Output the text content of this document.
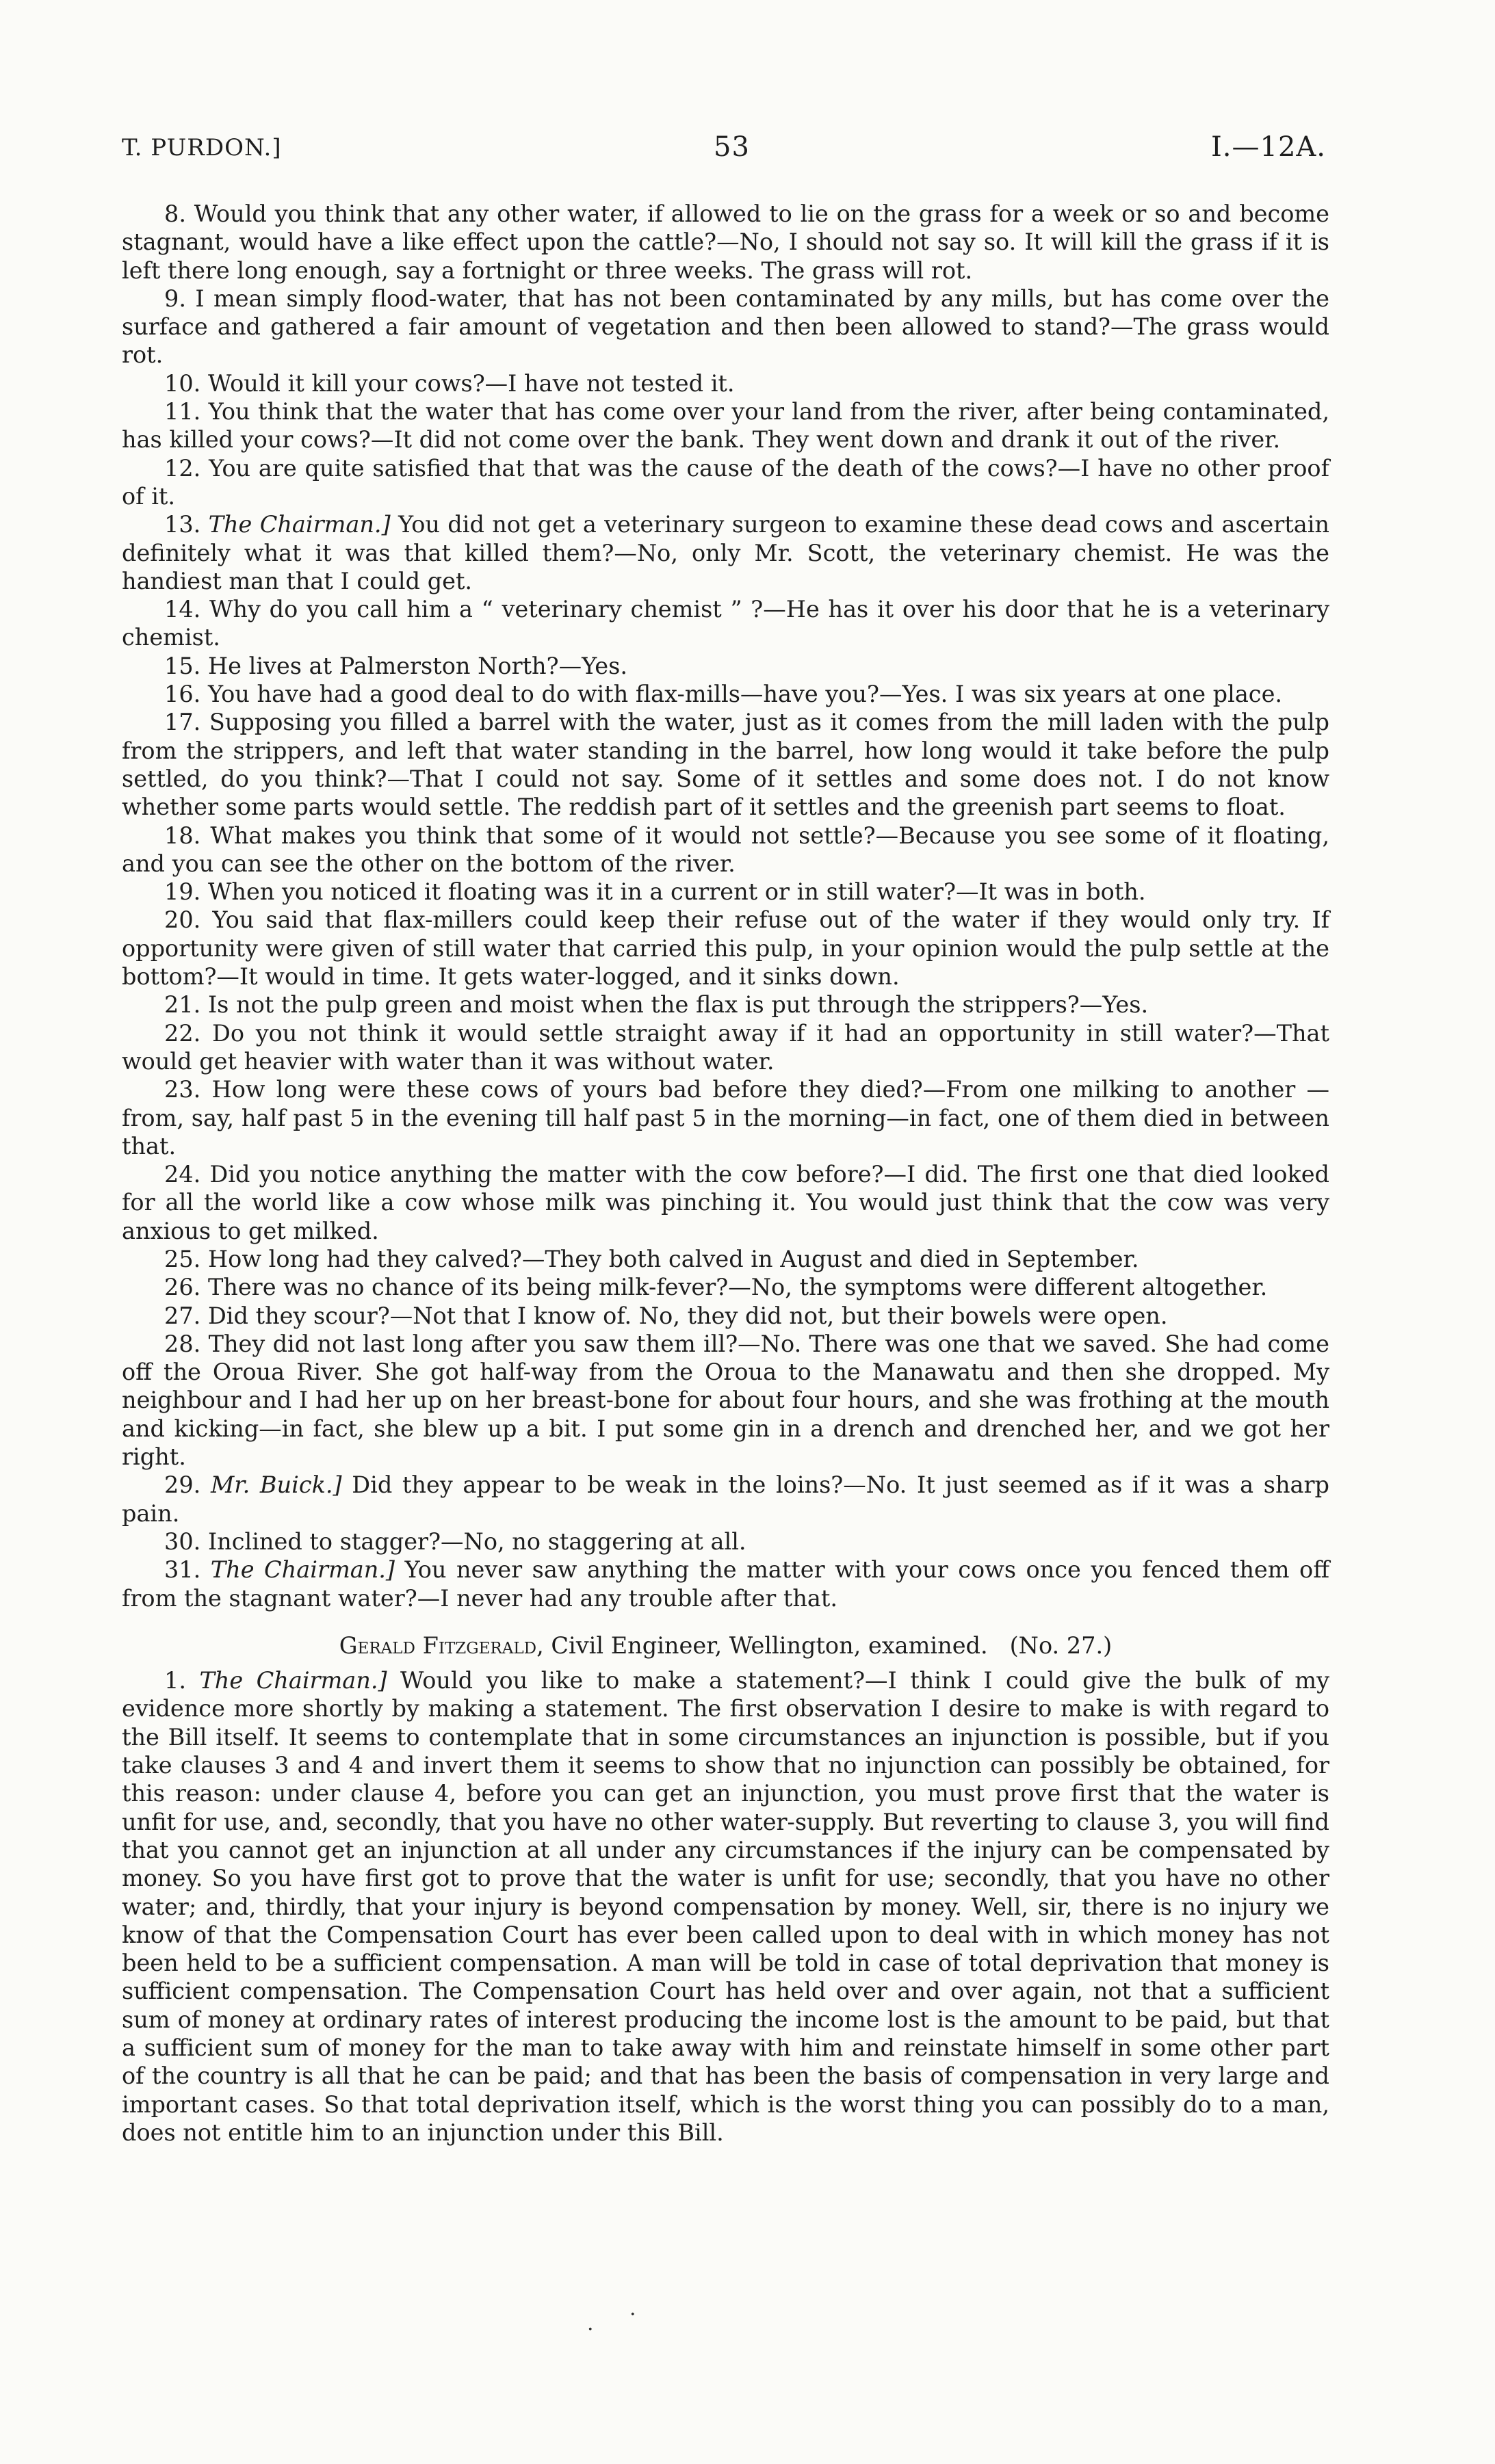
T. PURDON.]	53	I.—12A.

8. Would you think that any other water, if allowed to lie on the grass for a week or so and become stagnant, would have a like effect upon the cattle?—No, I should not say so. It will kill the grass if it is left there long enough, say a fortnight or three weeks. The grass will rot.

9. I mean simply flood-water, that has not been contaminated by any mills, but has come over the surface and gathered a fair amount of vegetation and then been allowed to stand?—The grass would rot.

10. Would it kill your cows?—I have not tested it.

11. You think that the water that has come over your land from the river, after being contaminated, has killed your cows?—It did not come over the bank. They went down and drank it out of the river.

12. You are quite satisfied that that was the cause of the death of the cows?—I have no other proof of it.

13. The Chairman.] You did not get a veterinary surgeon to examine these dead cows and ascertain definitely what it was that killed them?—No, only Mr. Scott, the veterinary chemist. He was the handiest man that I could get.

14. Why do you call him a “ veterinary chemist ” ?—He has it over his door that he is a veterinary chemist.

15. He lives at Palmerston North?—Yes.

16. You have had a good deal to do with flax-mills—have you?—Yes. I was six years at one place.

17. Supposing you filled a barrel with the water, just as it comes from the mill laden with the pulp from the strippers, and left that water standing in the barrel, how long would it take before the pulp settled, do you think?—That I could not say. Some of it settles and some does not. I do not know whether some parts would settle. The reddish part of it settles and the greenish part seems to float.

18. What makes you think that some of it would not settle?—Because you see some of it floating, and you can see the other on the bottom of the river.

19. When you noticed it floating was it in a current or in still water?—It was in both.

20. You said that flax-millers could keep their refuse out of the water if they would only try. If opportunity were given of still water that carried this pulp, in your opinion would the pulp settle at the bottom?—It would in time. It gets water-logged, and it sinks down.

21. Is not the pulp green and moist when the flax is put through the strippers?—Yes.

22. Do you not think it would settle straight away if it had an opportunity in still water?—That would get heavier with water than it was without water.

23. How long were these cows of yours bad before they died?—From one milking to another —from, say, half past 5 in the evening till half past 5 in the morning—in fact, one of them died in between that.

24. Did you notice anything the matter with the cow before?—I did. The first one that died looked for all the world like a cow whose milk was pinching it. You would just think that the cow was very anxious to get milked.

25. How long had they calved?—They both calved in August and died in September.

26. There was no chance of its being milk-fever?—No, the symptoms were different altogether.

27. Did they scour?—Not that I know of. No, they did not, but their bowels were open.

28. They did not last long after you saw them ill?—No. There was one that we saved. She had come off the Oroua River. She got half-way from the Oroua to the Manawatu and then she dropped. My neighbour and I had her up on her breast-bone for about four hours, and she was frothing at the mouth and kicking—in fact, she blew up a bit. I put some gin in a drench and drenched her, and we got her right.

29. Mr. Buick.] Did they appear to be weak in the loins?—No. It just seemed as if it was a sharp pain.

30. Inclined to stagger?—No, no staggering at all.

31. The Chairman.] You never saw anything the matter with your cows once you fenced them off from the stagnant water?—I never had any trouble after that.

Gerald Fitzgerald, Civil Engineer, Wellington, examined. (No. 27.)

1. The Chairman.] Would you like to make a statement?—I think I could give the bulk of my evidence more shortly by making a statement. The first observation I desire to make is with regard to the Bill itself. It seems to contemplate that in some circumstances an injunction is possible, but if you take clauses 3 and 4 and invert them it seems to show that no injunction can possibly be obtained, for this reason: under clause 4, before you can get an injunction, you must prove first that the water is unfit for use, and, secondly, that you have no other water-supply. But reverting to clause 3, you will find that you cannot get an injunction at all under any circumstances if the injury can be compensated by money. So you have first got to prove that the water is unfit for use; secondly, that you have no other water; and, thirdly, that your injury is beyond compensation by money. Well, sir, there is no injury we know of that the Compensation Court has ever been called upon to deal with in which money has not been held to be a sufficient compensation. A man will be told in case of total deprivation that money is sufficient compensation. The Compensation Court has held over and over again, not that a sufficient sum of money at ordinary rates of interest producing the income lost is the amount to be paid, but that a sufficient sum of money for the man to take away with him and reinstate himself in some other part of the country is all that he can be paid; and that has been the basis of compensation in very large and important cases. So that total deprivation itself, which is the worst thing you can possibly do to a man, does not entitle him to an injunction under this Bill.

·
·
